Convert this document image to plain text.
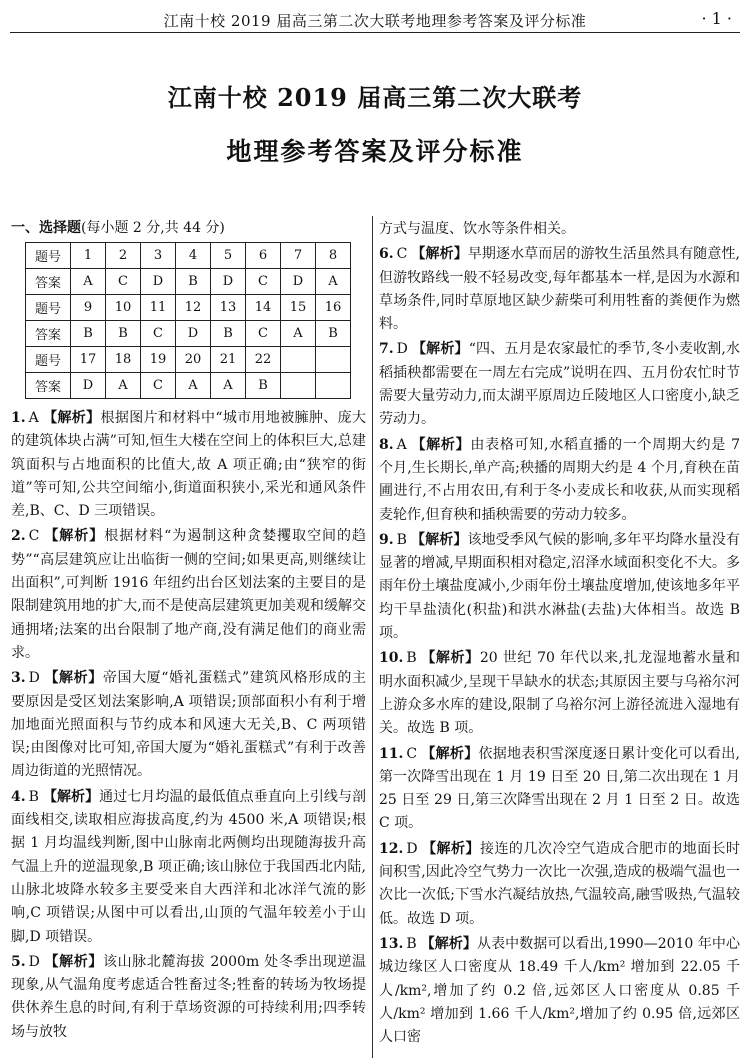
江南十校 2019 届高三第二次大联考地理参考答案及评分标准	· 1 ·
江南十校 2019 届高三第二次大联考
地理参考答案及评分标准
一、选择题(每小题 2 分,共 44 分)
题号	1	2	3	4	5	6	7	8
答案	A	C	D	B	D	C	D	A
题号	9	10	11	12	13	14	15	16
答案	B	B	C	D	B	C	A	B
题号	17	18	19	20	21	22		
答案	D	A	C	A	A	B		
1. A 【解析】根据图片和材料中“城市用地被臃肿、庞大的建筑体块占满”可知,恒生大楼在空间上的体积巨大,总建筑面积与占地面积的比值大,故 A 项正确;由“狭窄的街道”等可知,公共空间缩小,街道面积狭小,采光和通风条件差,B、C、D 三项错误。
2. C 【解析】根据材料“为遏制这种贪婪攫取空间的趋势”“高层建筑应让出临街一侧的空间;如果更高,则继续让出面积”,可判断 1916 年纽约出台区划法案的主要目的是限制建筑用地的扩大,而不是使高层建筑更加美观和缓解交通拥堵;法案的出台限制了地产商,没有满足他们的商业需求。
3. D 【解析】帝国大厦“婚礼蛋糕式”建筑风格形成的主要原因是受区划法案影响,A 项错误;顶部面积小有利于增加地面光照面积与节约成本和风速大无关,B、C 两项错误;由图像对比可知,帝国大厦为“婚礼蛋糕式”有利于改善周边街道的光照情况。
4. B 【解析】通过七月均温的最低值点垂直向上引线与剖面线相交,读取相应海拔高度,约为 4500 米,A 项错误;根据 1 月均温线判断,图中山脉南北两侧均出现随海拔升高气温上升的逆温现象,B 项正确;该山脉位于我国西北内陆,山脉北坡降水较多主要受来自大西洋和北冰洋气流的影响,C 项错误;从图中可以看出,山顶的气温年较差小于山脚,D 项错误。
5. D 【解析】该山脉北麓海拔 2000m 处冬季出现逆温现象,从气温角度考虑适合牲畜过冬;牲畜的转场为牧场提供休养生息的时间,有利于草场资源的可持续利用;四季转场与放牧
方式与温度、饮水等条件相关。
6. C 【解析】早期逐水草而居的游牧生活虽然具有随意性,但游牧路线一般不轻易改变,每年都基本一样,是因为水源和草场条件,同时草原地区缺少薪柴可利用牲畜的粪便作为燃料。
7. D 【解析】“四、五月是农家最忙的季节,冬小麦收割,水稻插秧都需要在一周左右完成”说明在四、五月份农忙时节需要大量劳动力,而太湖平原周边丘陵地区人口密度小,缺乏劳动力。
8. A 【解析】由表格可知,水稻直播的一个周期大约是 7 个月,生长期长,单产高;秧播的周期大约是 4 个月,育秧在苗圃进行,不占用农田,有利于冬小麦成长和收获,从而实现稻麦轮作,但育秧和插秧需要的劳动力较多。
9. B 【解析】该地受季风气候的影响,多年平均降水量没有显著的增减,早期面积相对稳定,沼泽水域面积变化不大。多雨年份土壤盐度减小,少雨年份土壤盐度增加,使该地多年平均干旱盐渍化(积盐)和洪水淋盐(去盐)大体相当。故选 B 项。
10. B 【解析】20 世纪 70 年代以来,扎龙湿地蓄水量和明水面积减少,呈现干旱缺水的状态;其原因主要与乌裕尔河上游众多水库的建设,限制了乌裕尔河上游径流进入湿地有关。故选 B 项。
11. C 【解析】依据地表积雪深度逐日累计变化可以看出,第一次降雪出现在 1 月 19 日至 20 日,第二次出现在 1 月 25 日至 29 日,第三次降雪出现在 2 月 1 日至 2 日。故选 C 项。
12. D 【解析】接连的几次冷空气造成合肥市的地面长时间积雪,因此冷空气势力一次比一次强,造成的极端气温也一次比一次低;下雪水汽凝结放热,气温较高,融雪吸热,气温较低。故选 D 项。
13. B 【解析】从表中数据可以看出,1990—2010 年中心城边缘区人口密度从 18.49 千人/km² 增加到 22.05 千人/km²,增加了约 0.2 倍,远郊区人口密度从 0.85 千人/km² 增加到 1.66 千人/km²,增加了约 0.95 倍,远郊区人口密
